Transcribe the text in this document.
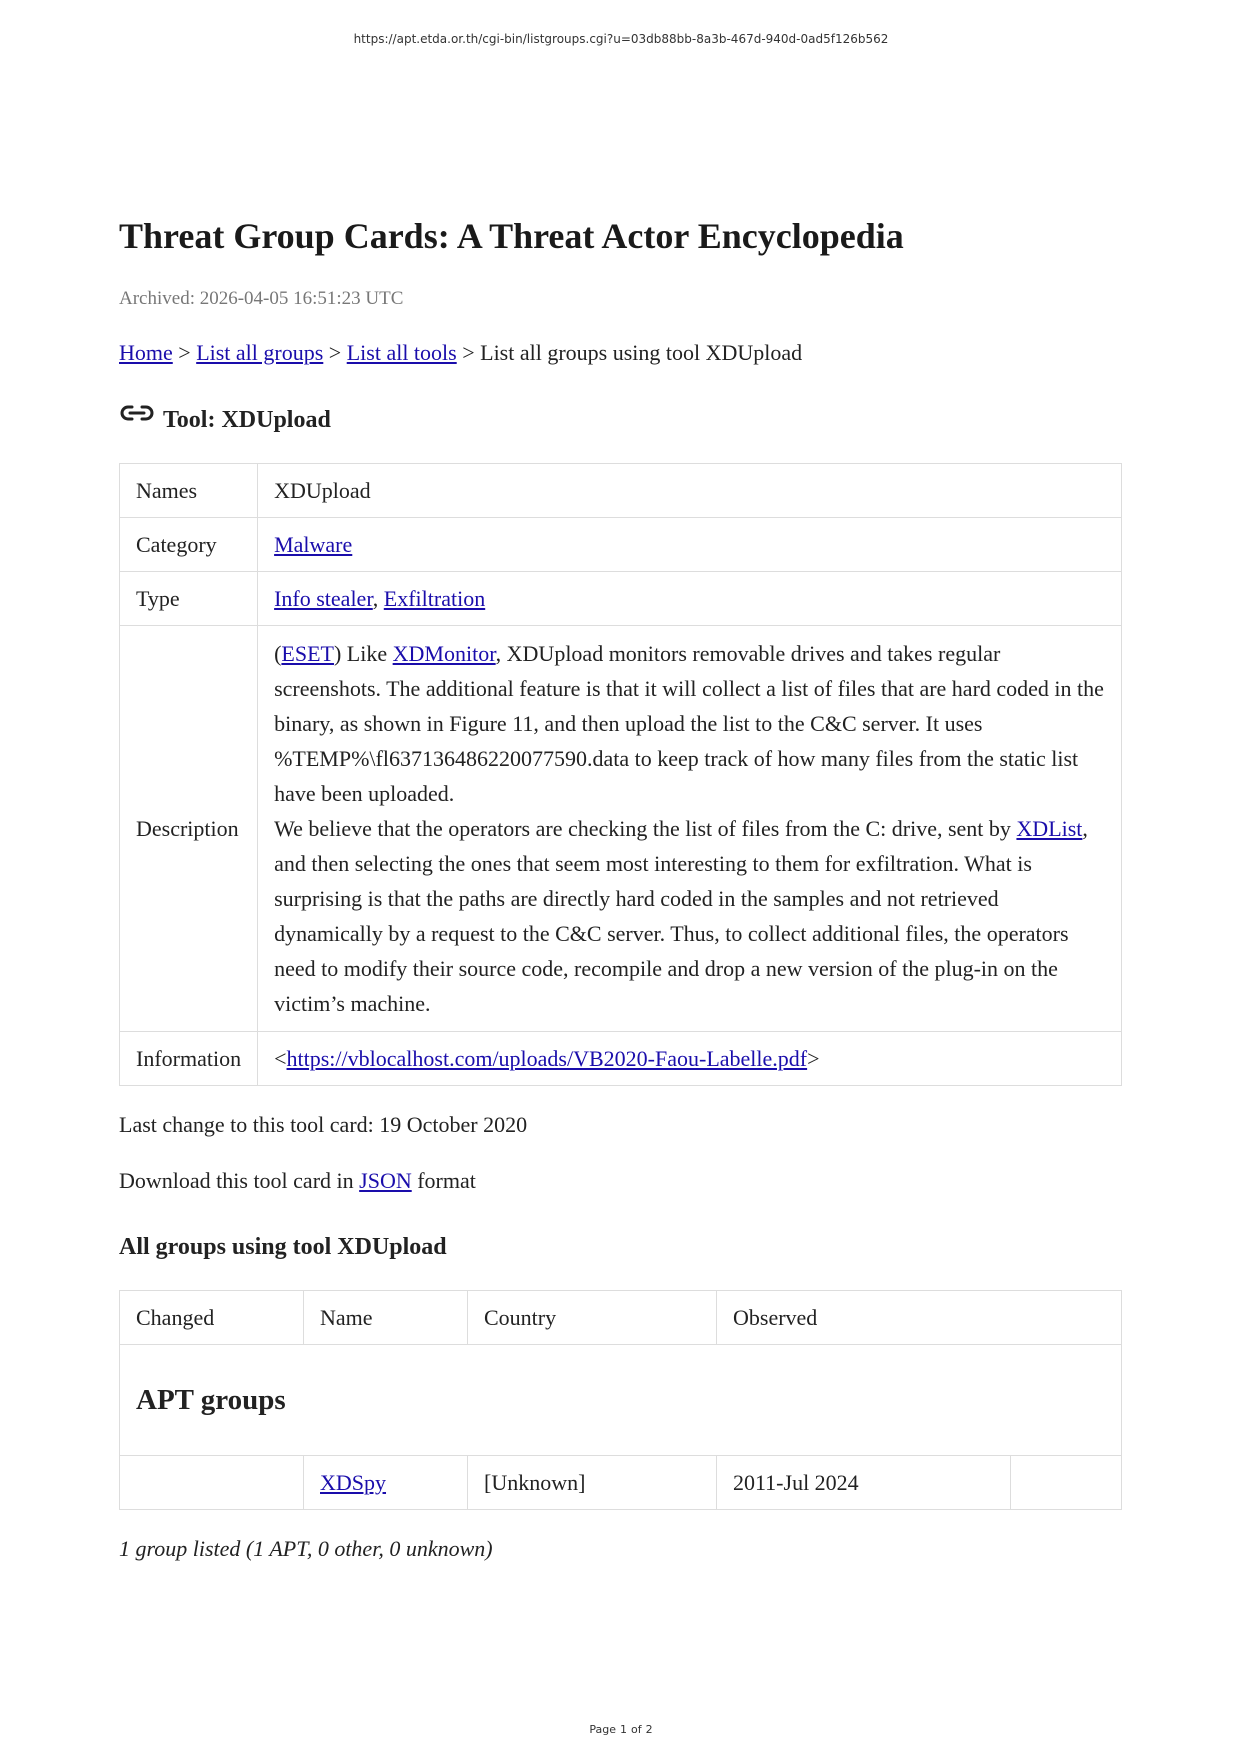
https://apt.etda.or.th/cgi-bin/listgroups.cgi?u=03db88bb-8a3b-467d-940d-0ad5f126b562
Threat Group Cards: A Threat Actor Encyclopedia
Archived: 2026-04-05 16:51:23 UTC
Home > List all groups > List all tools > List all groups using tool XDUpload
Tool: XDUpload
Names	XDUpload
Category	Malware
Type	Info stealer, Exfiltration
Description	(ESET) Like XDMonitor, XDUpload monitors removable drives and takes regular screenshots. The additional feature is that it will collect a list of files that are hard coded in the binary, as shown in Figure 11, and then upload the list to the C&C server. It uses %TEMP%\fl637136486220077590.data to keep track of how many files from the static list have been uploaded.

We believe that the operators are checking the list of files from the C: drive, sent by XDList, and then selecting the ones that seem most interesting to them for exfiltration. What is surprising is that the paths are directly hard coded in the samples and not retrieved dynamically by a request to the C&C server. Thus, to collect additional files, the operators need to modify their source code, recompile and drop a new version of the plug-in on the victim’s machine.

Information	<https://vblocalhost.com/uploads/VB2020-Faou-Labelle.pdf>
Last change to this tool card: 19 October 2020
Download this tool card in JSON format
All groups using tool XDUpload
Changed	Name	Country	Observed	
APT groups				
	XDSpy	[Unknown]	2011-Jul 2024	
1 group listed (1 APT, 0 other, 0 unknown)
Page 1 of 2
